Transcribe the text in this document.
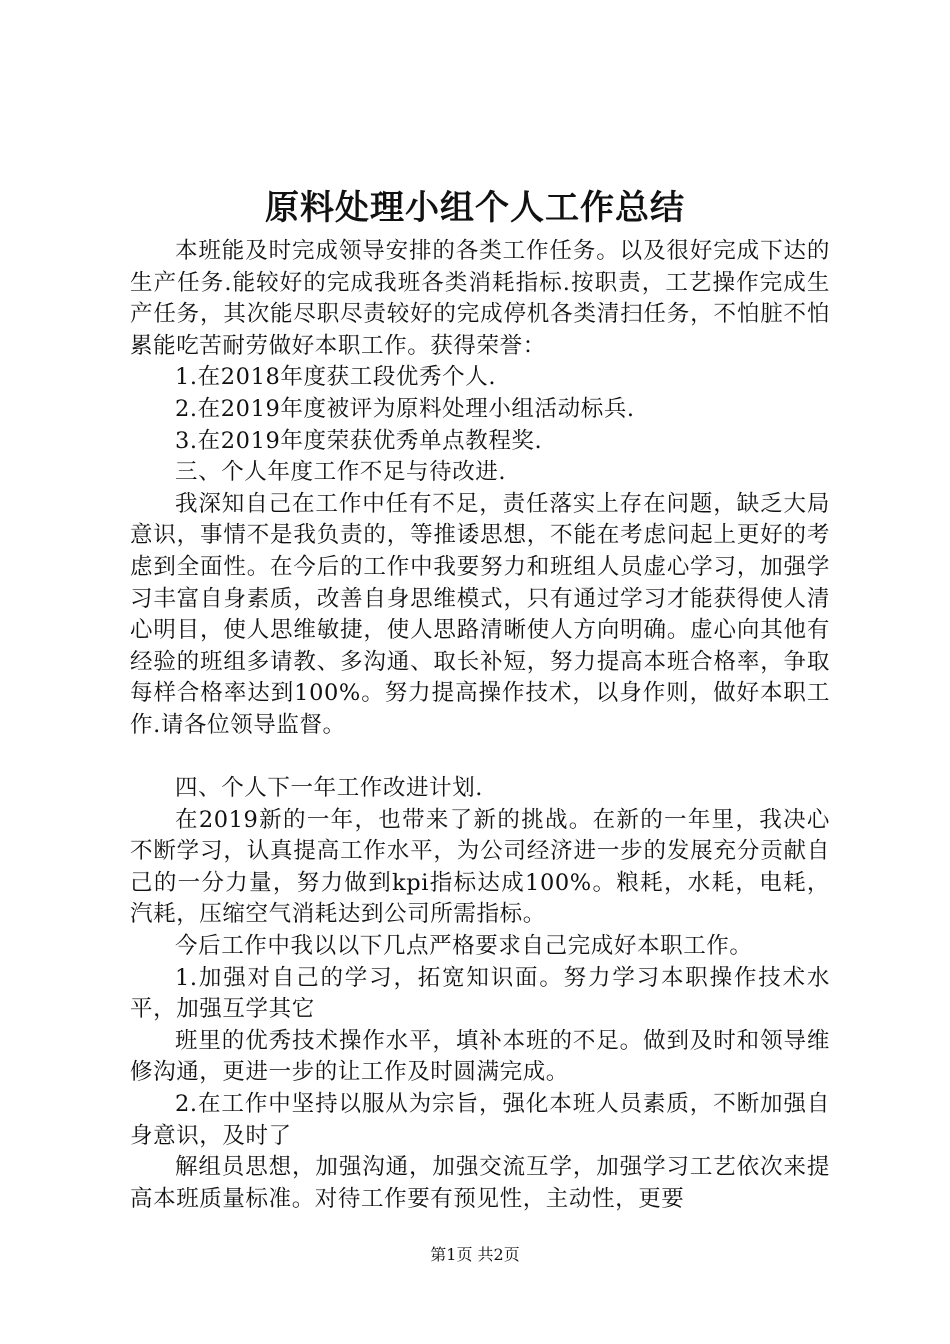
原料处理小组个人工作总结

本班能及时完成领导安排的各类工作任务。以及很好完成下达的生产任务.能较好的完成我班各类消耗指标.按职责，工艺操作完成生产任务，其次能尽职尽责较好的完成停机各类清扫任务，不怕脏不怕累能吃苦耐劳做好本职工作。获得荣誉：

1.在2018年度获工段优秀个人.

2.在2019年度被评为原料处理小组活动标兵.

3.在2019年度荣获优秀单点教程奖.

三、个人年度工作不足与待改进.

我深知自己在工作中任有不足，责任落实上存在问题，缺乏大局意识，事情不是我负责的，等推诿思想，不能在考虑问起上更好的考虑到全面性。在今后的工作中我要努力和班组人员虚心学习，加强学习丰富自身素质，改善自身思维模式，只有通过学习才能获得使人清心明目，使人思维敏捷，使人思路清晰使人方向明确。虚心向其他有经验的班组多请教、多沟通、取长补短，努力提高本班合格率，争取每样合格率达到100%。努力提高操作技术，以身作则，做好本职工作.请各位领导监督。

四、个人下一年工作改进计划.

在2019新的一年，也带来了新的挑战。在新的一年里，我决心不断学习，认真提高工作水平，为公司经济进一步的发展充分贡献自己的一分力量，努力做到kpi指标达成100%。粮耗，水耗，电耗，汽耗，压缩空气消耗达到公司所需指标。

今后工作中我以以下几点严格要求自己完成好本职工作。

1.加强对自己的学习，拓宽知识面。努力学习本职操作技术水平，加强互学其它

班里的优秀技术操作水平，填补本班的不足。做到及时和领导维修沟通，更进一步的让工作及时圆满完成。

2.在工作中坚持以服从为宗旨，强化本班人员素质，不断加强自身意识，及时了

解组员思想，加强沟通，加强交流互学，加强学习工艺依次来提高本班质量标准。对待工作要有预见性，主动性，更要

第1页 共2页
